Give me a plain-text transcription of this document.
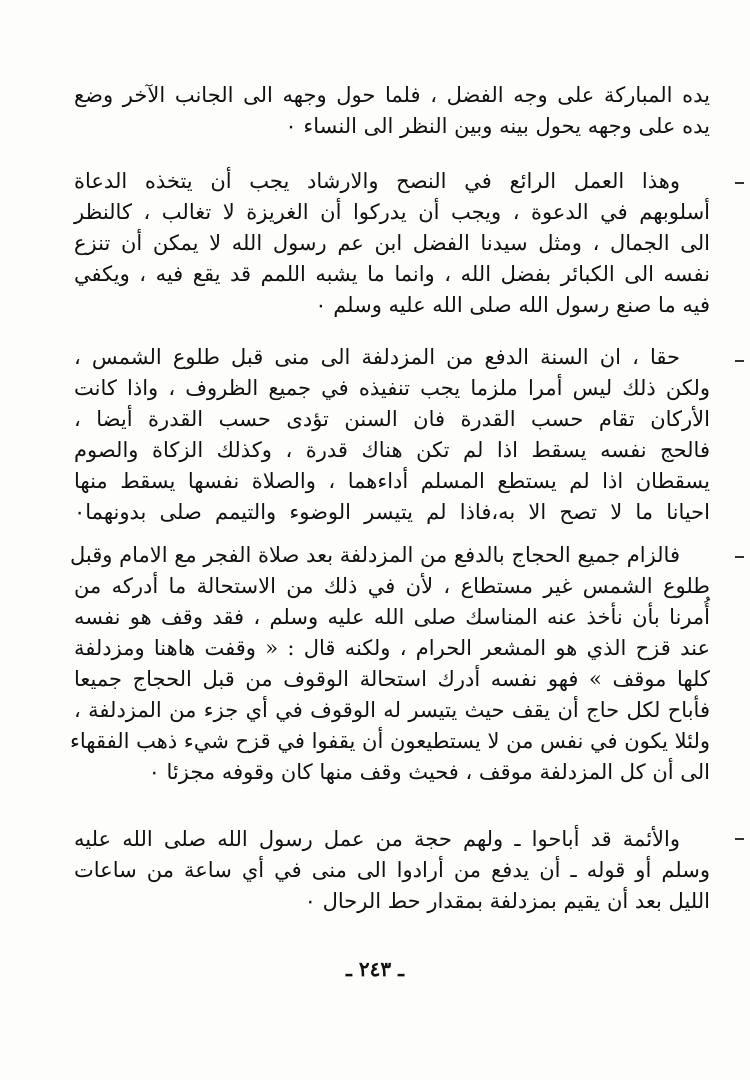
يده المباركة على وجه الفضل ، فلما حول وجهه الى الجانب الآخر وضع
يده على وجهه يحول بينه وبين النظر الى النساء ٠
وهذا العمل الرائع في النصح والارشاد يجب أن يتخذه الدعاة
أسلوبهم في الدعوة ، ويجب أن يدركوا أن الغريزة لا تغالب ، كالنظر
الى الجمال ، ومثل سيدنا الفضل ابن عم رسول الله لا يمكن أن تنزع
نفسه الى الكبائر بفضل الله ، وانما ما يشبه اللمم قد يقع فيه ، ويكفي
فيه ما صنع رسول الله صلى الله عليه وسلم ٠
حقا ، ان السنة الدفع من المزدلفة الى منى قبل طلوع الشمس ،
ولكن ذلك ليس أمرا ملزما يجب تنفيذه في جميع الظروف ، واذا كانت
الأركان تقام حسب القدرة فان السنن تؤدى حسب القدرة أيضا ،
فالحج نفسه يسقط اذا لم تكن هناك قدرة ، وكذلك الزكاة والصوم
يسقطان اذا لم يستطع المسلم أداءهما ، والصلاة نفسها يسقط منها
احيانا ما لا تصح الا به،فاذا لم يتيسر الوضوء والتيمم صلى بدونهما٠
فالزام جميع الحجاج بالدفع من المزدلفة بعد صلاة الفجر مع الامام وقبل
طلوع الشمس غير مستطاع ، لأن في ذلك من الاستحالة ما أدركه من
أُمرنا بأن نأخذ عنه المناسك صلى الله عليه وسلم ، فقد وقف هو نفسه
عند قزح الذي هو المشعر الحرام ، ولكنه قال : « وقفت هاهنا ومزدلفة
كلها موقف » فهو نفسه أدرك استحالة الوقوف من قبل الحجاج جميعا
فأباح لكل حاج أن يقف حيث يتيسر له الوقوف في أي جزء من المزدلفة ،
ولئلا يكون في نفس من لا يستطيعون أن يقفوا في قزح شيء ذهب الفقهاء
الى أن كل المزدلفة موقف ، فحيث وقف منها كان وقوفه مجزئا ٠
والأئمة قد أباحوا ـ ولهم حجة من عمل رسول الله صلى الله عليه
وسلم أو قوله ـ أن يدفع من أرادوا الى منى في أي ساعة من ساعات
الليل بعد أن يقيم بمزدلفة بمقدار حط الرحال ٠
ـ ٢٤٣ ـ
